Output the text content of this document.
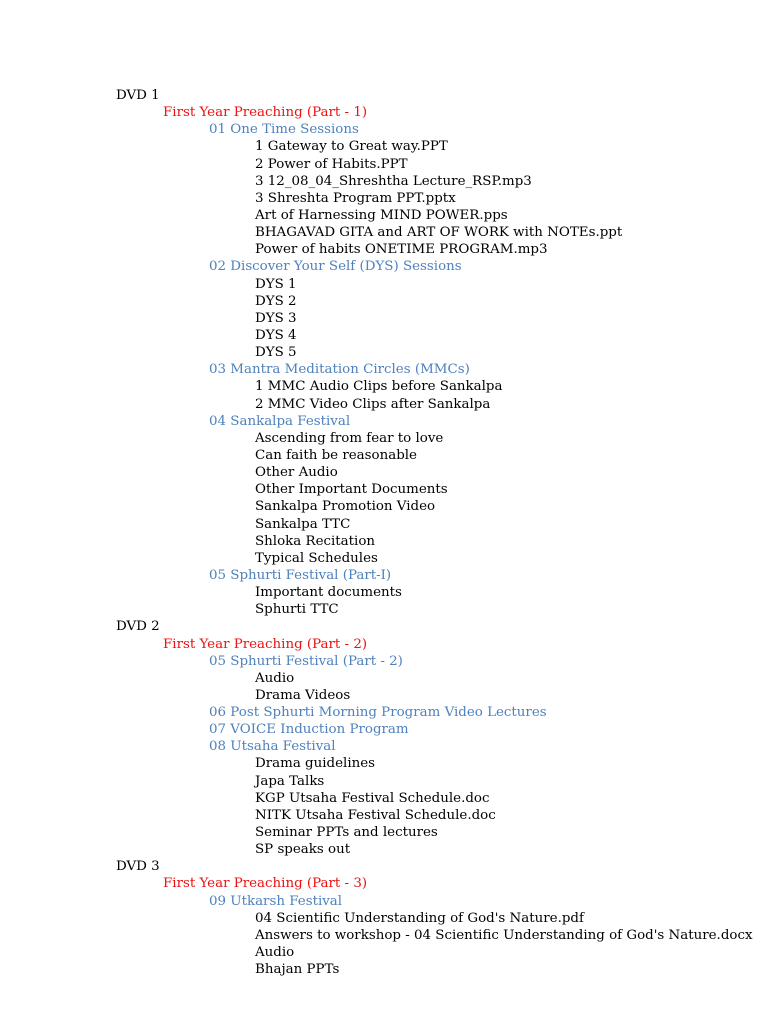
DVD 1
First Year Preaching (Part - 1)
01 One Time Sessions
1 Gateway to Great way.PPT
2 Power of Habits.PPT
3 12_08_04_Shreshtha Lecture_RSP.mp3
3 Shreshta Program PPT.pptx
Art of Harnessing MIND POWER.pps
BHAGAVAD GITA and ART OF WORK with NOTEs.ppt
Power of habits ONETIME PROGRAM.mp3
02 Discover Your Self (DYS) Sessions
DYS 1
DYS 2
DYS 3
DYS 4
DYS 5
03 Mantra Meditation Circles (MMCs)
1 MMC Audio Clips before Sankalpa
2 MMC Video Clips after Sankalpa
04 Sankalpa Festival
Ascending from fear to love
Can faith be reasonable
Other Audio
Other Important Documents
Sankalpa Promotion Video
Sankalpa TTC
Shloka Recitation
Typical Schedules
05 Sphurti Festival (Part-I)
Important documents
Sphurti TTC
DVD 2
First Year Preaching (Part - 2)
05 Sphurti Festival (Part - 2)
Audio
Drama Videos
06 Post Sphurti Morning Program Video Lectures
07 VOICE Induction Program
08 Utsaha Festival
Drama guidelines
Japa Talks
KGP Utsaha Festival Schedule.doc
NITK Utsaha Festival Schedule.doc
Seminar PPTs and lectures
SP speaks out
DVD 3
First Year Preaching (Part - 3)
09 Utkarsh Festival
04 Scientific Understanding of God's Nature.pdf
Answers to workshop - 04 Scientific Understanding of God's Nature.docx
Audio
Bhajan PPTs
